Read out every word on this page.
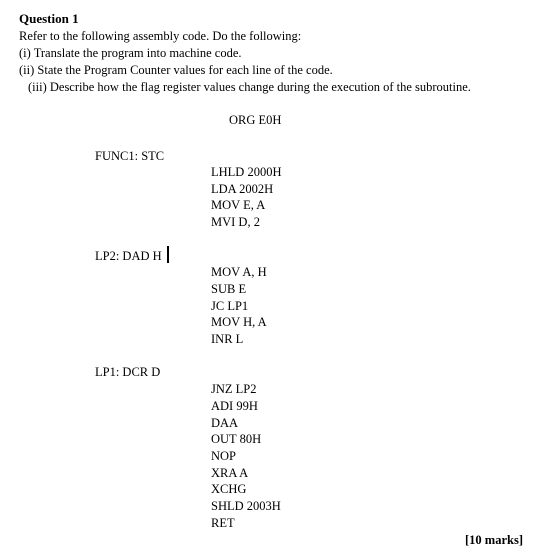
Question 1
Refer to the following assembly code. Do the following:
(i) Translate the program into machine code.
(ii) State the Program Counter values for each line of the code.
(iii) Describe how the flag register values change during the execution of the subroutine.
ORG E0H
FUNC1: STC
LHLD 2000H
LDA 2002H
MOV E, A
MVI D, 2
LP2: DAD H
MOV A, H
SUB E
JC LP1
MOV H, A
INR L
LP1: DCR D
JNZ LP2
ADI 99H
DAA
OUT 80H
NOP
XRA A
XCHG
SHLD 2003H
RET
[10 marks]
